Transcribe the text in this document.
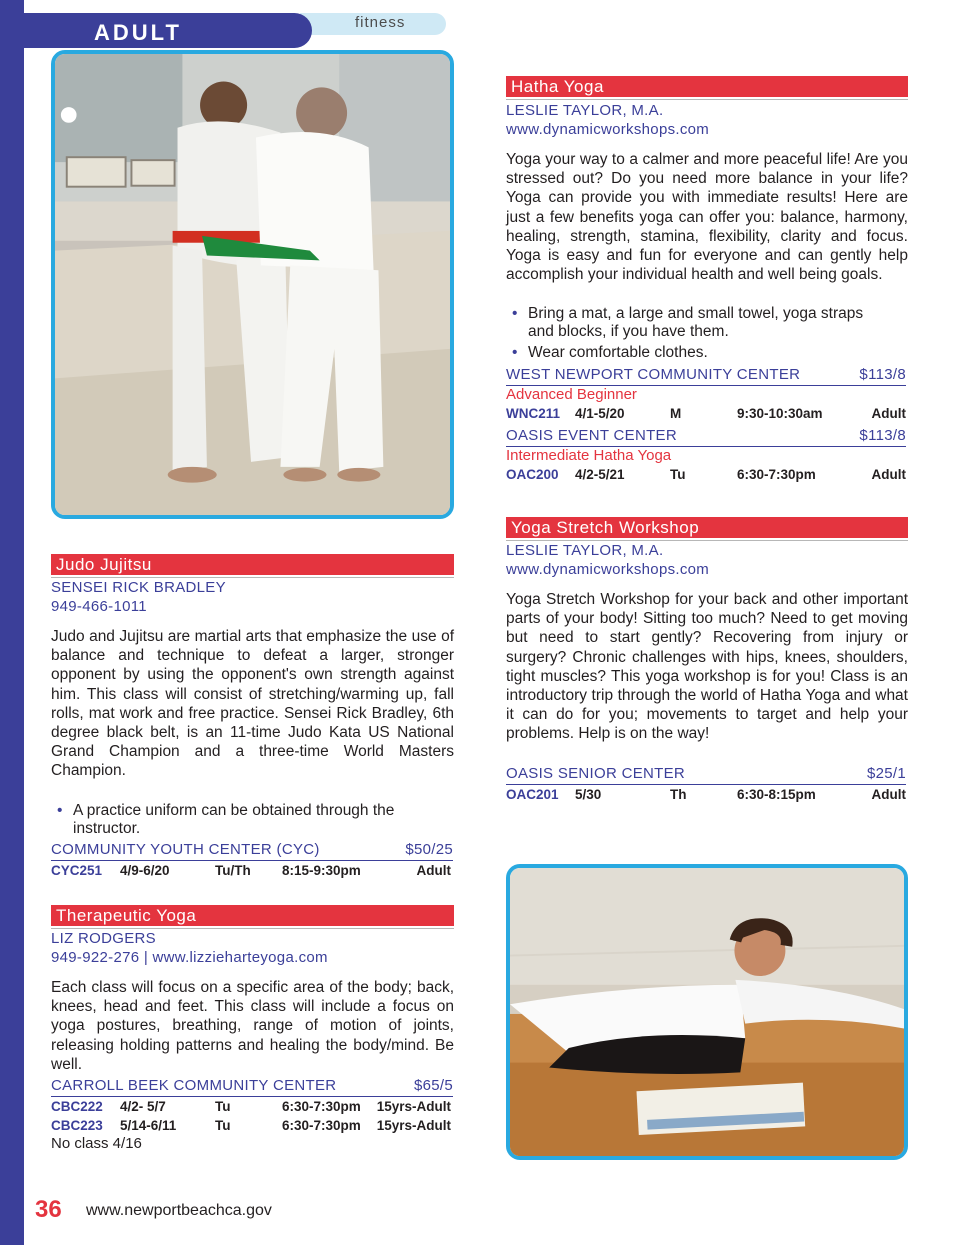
ADULT	fitness
Hatha Yoga
LESLIE TAYLOR, M.A.
www.dynamicworkshops.com
Yoga your way to a calmer and more peaceful life! Are you stressed out? Do you need more balance in your life? Yoga can provide you with immediate results! Here are just a few benefits yoga can offer you: balance, harmony, healing, strength, stamina, flexibility, clarity and focus. Yoga is easy and fun for everyone and can gently help accomplish your individual health and well being goals.
• Bring a mat, a large and small towel, yoga straps and blocks, if you have them.
• Wear comfortable clothes.
WEST NEWPORT COMMUNITY CENTER	$113/8
Advanced Beginner
WNC211 4/1-5/20	M	9:30-10:30am	Adult
OASIS EVENT CENTER	$113/8
Intermediate Hatha Yoga
OAC200 4/2-5/21	Tu	6:30-7:30pm	Adult
Yoga Stretch Workshop
LESLIE TAYLOR, M.A.
www.dynamicworkshops.com
Yoga Stretch Workshop for your back and other important parts of your body! Sitting too much? Need to get moving but need to start gently? Recovering from injury or surgery? Chronic challenges with hips, knees, shoulders, tight muscles? This yoga workshop is for you! Class is an introductory trip through the world of Hatha Yoga and what it can do for you; movements to target and help your problems. Help is on the way!
OASIS SENIOR CENTER	$25/1
OAC201 5/30	Th	6:30-8:15pm	Adult
Judo Jujitsu
SENSEI RICK BRADLEY
949-466-1011
Judo and Jujitsu are martial arts that emphasize the use of balance and technique to defeat a larger, stronger opponent by using the opponent's own strength against him. This class will consist of stretching/warming up, fall rolls, mat work and free practice. Sensei Rick Bradley, 6th degree black belt, is an 11-time Judo Kata US National Grand Champion and a three-time World Masters Champion.
• A practice uniform can be obtained through the instructor.
COMMUNITY YOUTH CENTER (CYC)	$50/25
CYC251 4/9-6/20	Tu/Th 8:15-9:30pm	Adult
Therapeutic Yoga
LIZ RODGERS
949-922-276 | www.lizzieharteyoga.com
Each class will focus on a specific area of the body; back, knees, head and feet. This class will include a focus on yoga postures, breathing, range of motion of joints, releasing holding patterns and healing the body/mind. Be well.
CARROLL BEEK COMMUNITY CENTER	$65/5
CBC222 4/2- 5/7	Tu	6:30-7:30pm 15yrs-Adult
CBC223 5/14-6/11	Tu	6:30-7:30pm 15yrs-Adult
No class 4/16
36 www.newportbeachca.gov
